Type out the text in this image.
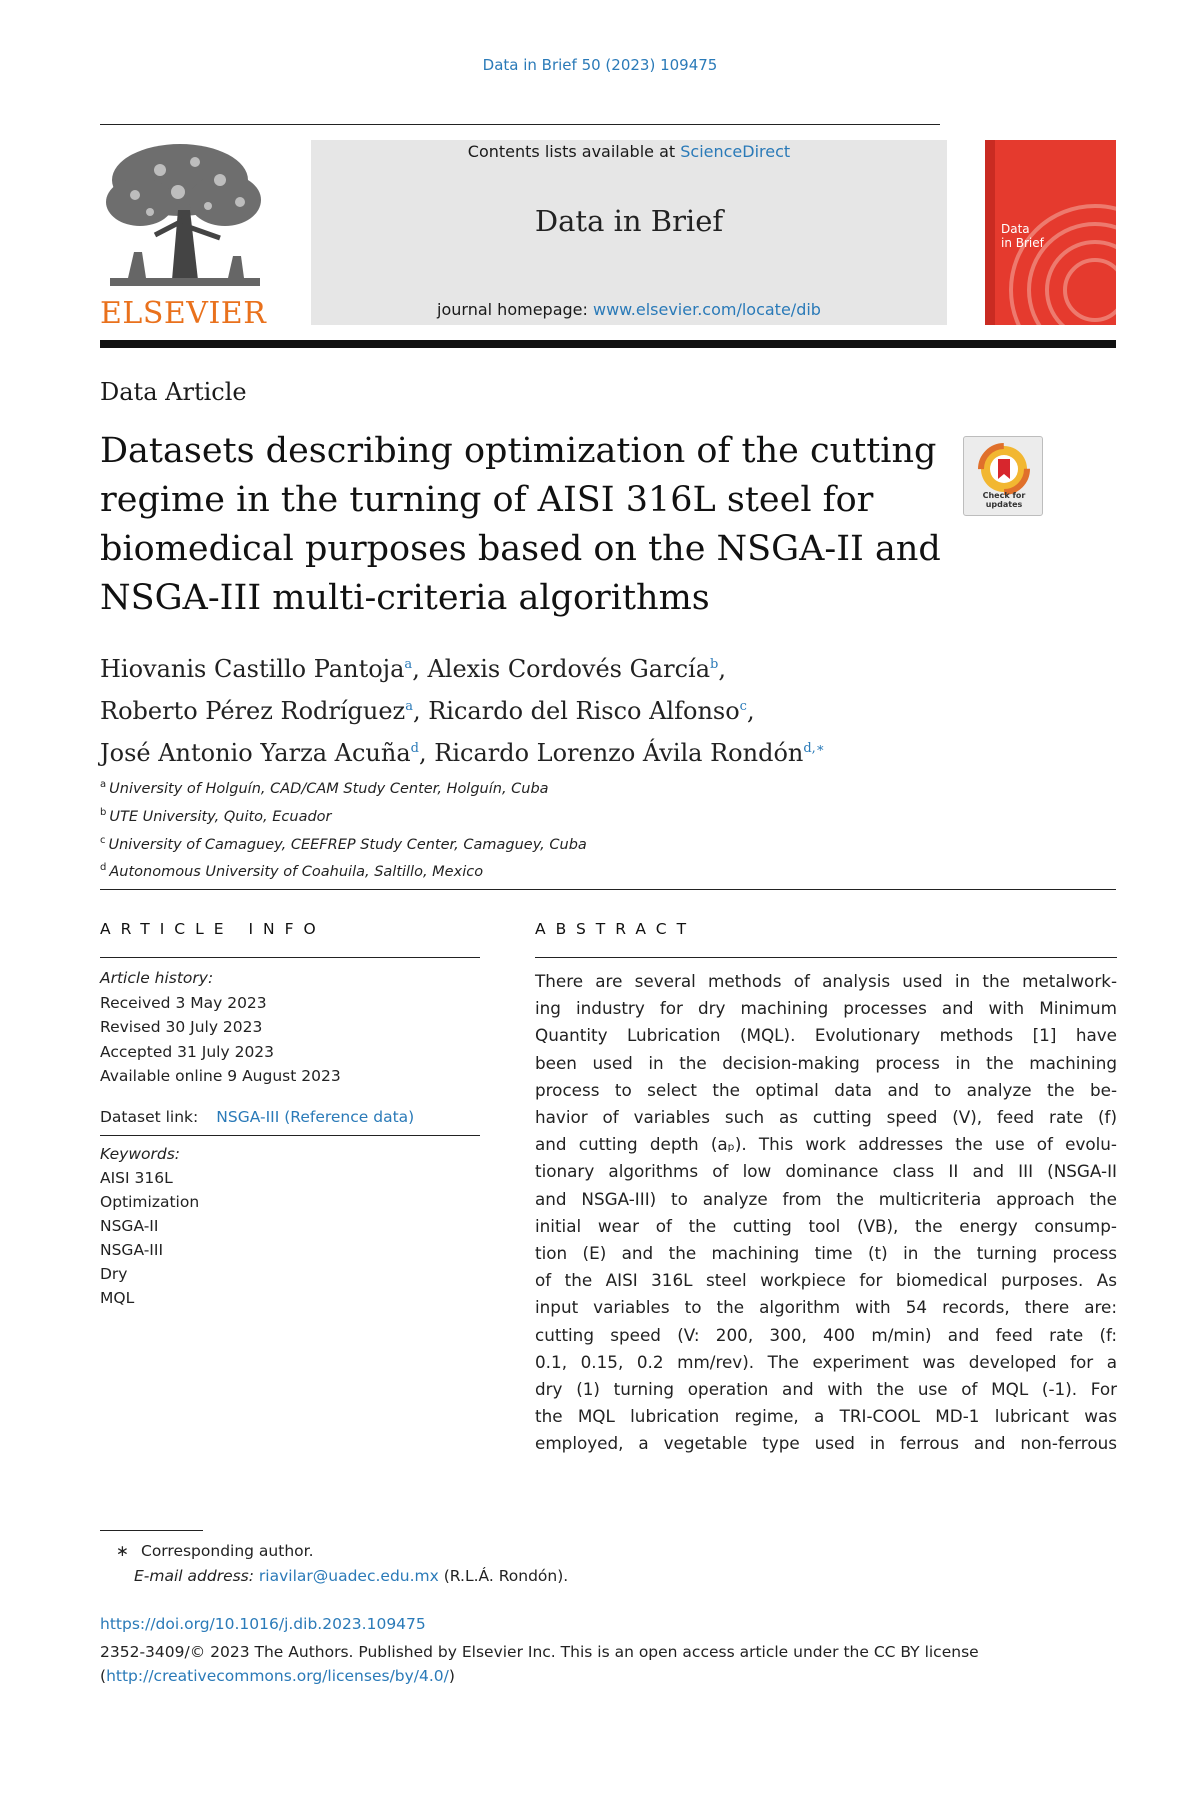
Data in Brief 50 (2023) 109475
ELSEVIER
Contents lists available at ScienceDirect
Data in Brief
journal homepage: www.elsevier.com/locate/dib
Data
in Brief
Data Article
Datasets describing optimization of the cutting regime in the turning of AISI 316L steel for biomedical purposes based on the NSGA-II and NSGA-III multi-criteria algorithms
Check for
updates
Hiovanis Castillo Pantoja$^a$, Alexis Cordovés García$^b$,
Roberto Pérez Rodríguez$^a$, Ricardo del Risco Alfonso$^c$,
José Antonio Yarza Acuña$^d$, Ricardo Lorenzo Ávila Rondón$^{d,∗}$
$^a$ University of Holguín, CAD/CAM Study Center, Holguín, Cuba
$^b$ UTE University, Quito, Ecuador
$^c$ University of Camaguey, CEEFREP Study Center, Camaguey, Cuba
$^d$ Autonomous University of Coahuila, Saltillo, Mexico
ARTICLE INFO
Article history:
Received 3 May 2023
Revised 30 July 2023
Accepted 31 July 2023
Available online 9 August 2023
Dataset link: NSGA-III (Reference data)
Keywords:
AISI 316L
Optimization
NSGA-II
NSGA-III
Dry
MQL
ABSTRACT
There are several methods of analysis used in the metalwork-
ing industry for dry machining processes and with Minimum
Quantity Lubrication (MQL). Evolutionary methods [1] have
been used in the decision-making process in the machining
process to select the optimal data and to analyze the be-
havior of variables such as cutting speed (V), feed rate (f)
and cutting depth (aₚ). This work addresses the use of evolu-
tionary algorithms of low dominance class II and III (NSGA-II
and NSGA-III) to analyze from the multicriteria approach the
initial wear of the cutting tool (VB), the energy consump-
tion (E) and the machining time (t) in the turning process
of the AISI 316L steel workpiece for biomedical purposes. As
input variables to the algorithm with 54 records, there are:
cutting speed (V: 200, 300, 400 m/min) and feed rate (f:
0.1, 0.15, 0.2 mm/rev). The experiment was developed for a
dry (1) turning operation and with the use of MQL (-1). For
the MQL lubrication regime, a TRI-COOL MD-1 lubricant was
employed, a vegetable type used in ferrous and non-ferrous
∗ Corresponding author.
E-mail address: riavilar@uadec.edu.mx (R.L.Á. Rondón).
https://doi.org/10.1016/j.dib.2023.109475
2352-3409/© 2023 The Authors. Published by Elsevier Inc. This is an open access article under the CC BY license
(http://creativecommons.org/licenses/by/4.0/)
